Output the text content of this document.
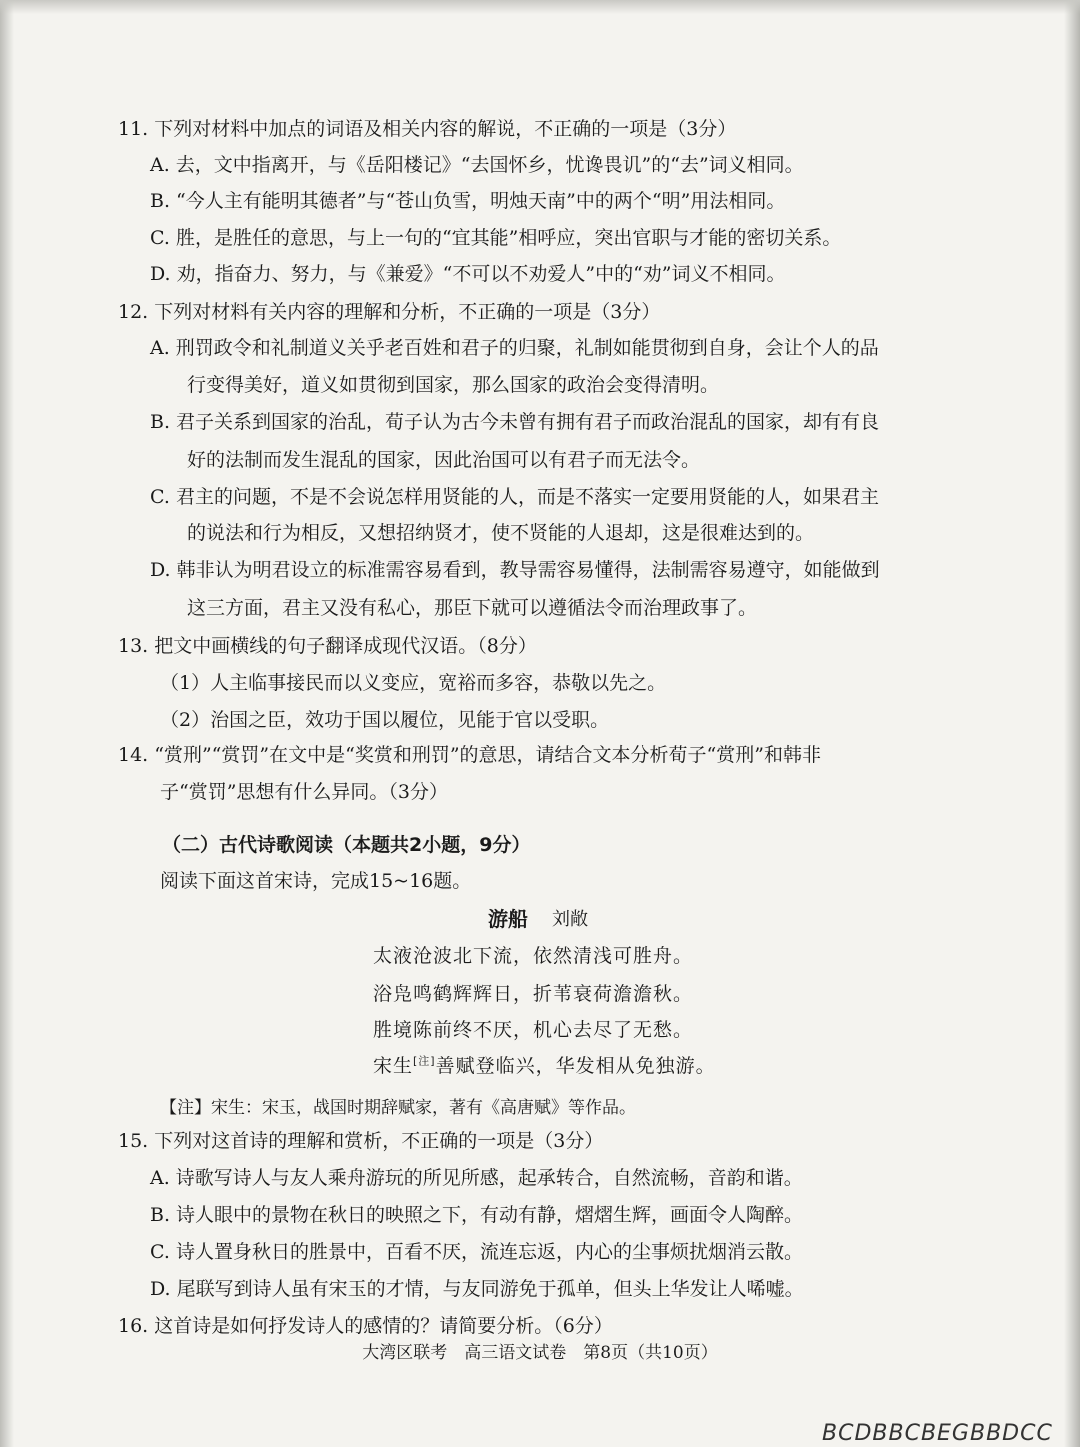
11. 下列对材料中加点的词语及相关内容的解说，不正确的一项是（3分）
A. 去，文中指离开，与《岳阳楼记》“去国怀乡，忧谗畏讥”的“去”词义相同。
B. “今人主有能明其德者”与“苍山负雪，明烛天南”中的两个“明”用法相同。
C. 胜，是胜任的意思，与上一句的“宜其能”相呼应，突出官职与才能的密切关系。
D. 劝，指奋力、努力，与《兼爱》“不可以不劝爱人”中的“劝”词义不相同。
12. 下列对材料有关内容的理解和分析，不正确的一项是（3分）
A. 刑罚政令和礼制道义关乎老百姓和君子的归聚，礼制如能贯彻到自身，会让个人的品
行变得美好，道义如贯彻到国家，那么国家的政治会变得清明。
B. 君子关系到国家的治乱，荀子认为古今未曾有拥有君子而政治混乱的国家，却有有良
好的法制而发生混乱的国家，因此治国可以有君子而无法令。
C. 君主的问题，不是不会说怎样用贤能的人，而是不落实一定要用贤能的人，如果君主
的说法和行为相反，又想招纳贤才，使不贤能的人退却，这是很难达到的。
D. 韩非认为明君设立的标准需容易看到，教导需容易懂得，法制需容易遵守，如能做到
这三方面，君主又没有私心，那臣下就可以遵循法令而治理政事了。
13. 把文中画横线的句子翻译成现代汉语。（8分）
（1）人主临事接民而以义变应，宽裕而多容，恭敬以先之。
（2）治国之臣，效功于国以履位，见能于官以受职。
14. “赏刑”“赏罚”在文中是“奖赏和刑罚”的意思，请结合文本分析荀子“赏刑”和韩非
子“赏罚”思想有什么异同。（3分）
（二）古代诗歌阅读（本题共2小题，9分）
阅读下面这首宋诗，完成15~16题。
游船 刘敞
太液沧波北下流，依然清浅可胜舟。
浴凫鸣鹤辉辉日，折苇衰荷澹澹秋。
胜境陈前终不厌，机心去尽了无愁。
宋生[注]善赋登临兴，华发相从免独游。
【注】宋生：宋玉，战国时期辞赋家，著有《高唐赋》等作品。
15. 下列对这首诗的理解和赏析，不正确的一项是（3分）
A. 诗歌写诗人与友人乘舟游玩的所见所感，起承转合，自然流畅，音韵和谐。
B. 诗人眼中的景物在秋日的映照之下，有动有静，熠熠生辉，画面令人陶醉。
C. 诗人置身秋日的胜景中，百看不厌，流连忘返，内心的尘事烦扰烟消云散。
D. 尾联写到诗人虽有宋玉的才情，与友同游免于孤单，但头上华发让人唏嘘。
16. 这首诗是如何抒发诗人的感情的？请简要分析。（6分）
大湾区联考　高三语文试卷　第8页（共10页）
BCDBBCBEGBBDCC
